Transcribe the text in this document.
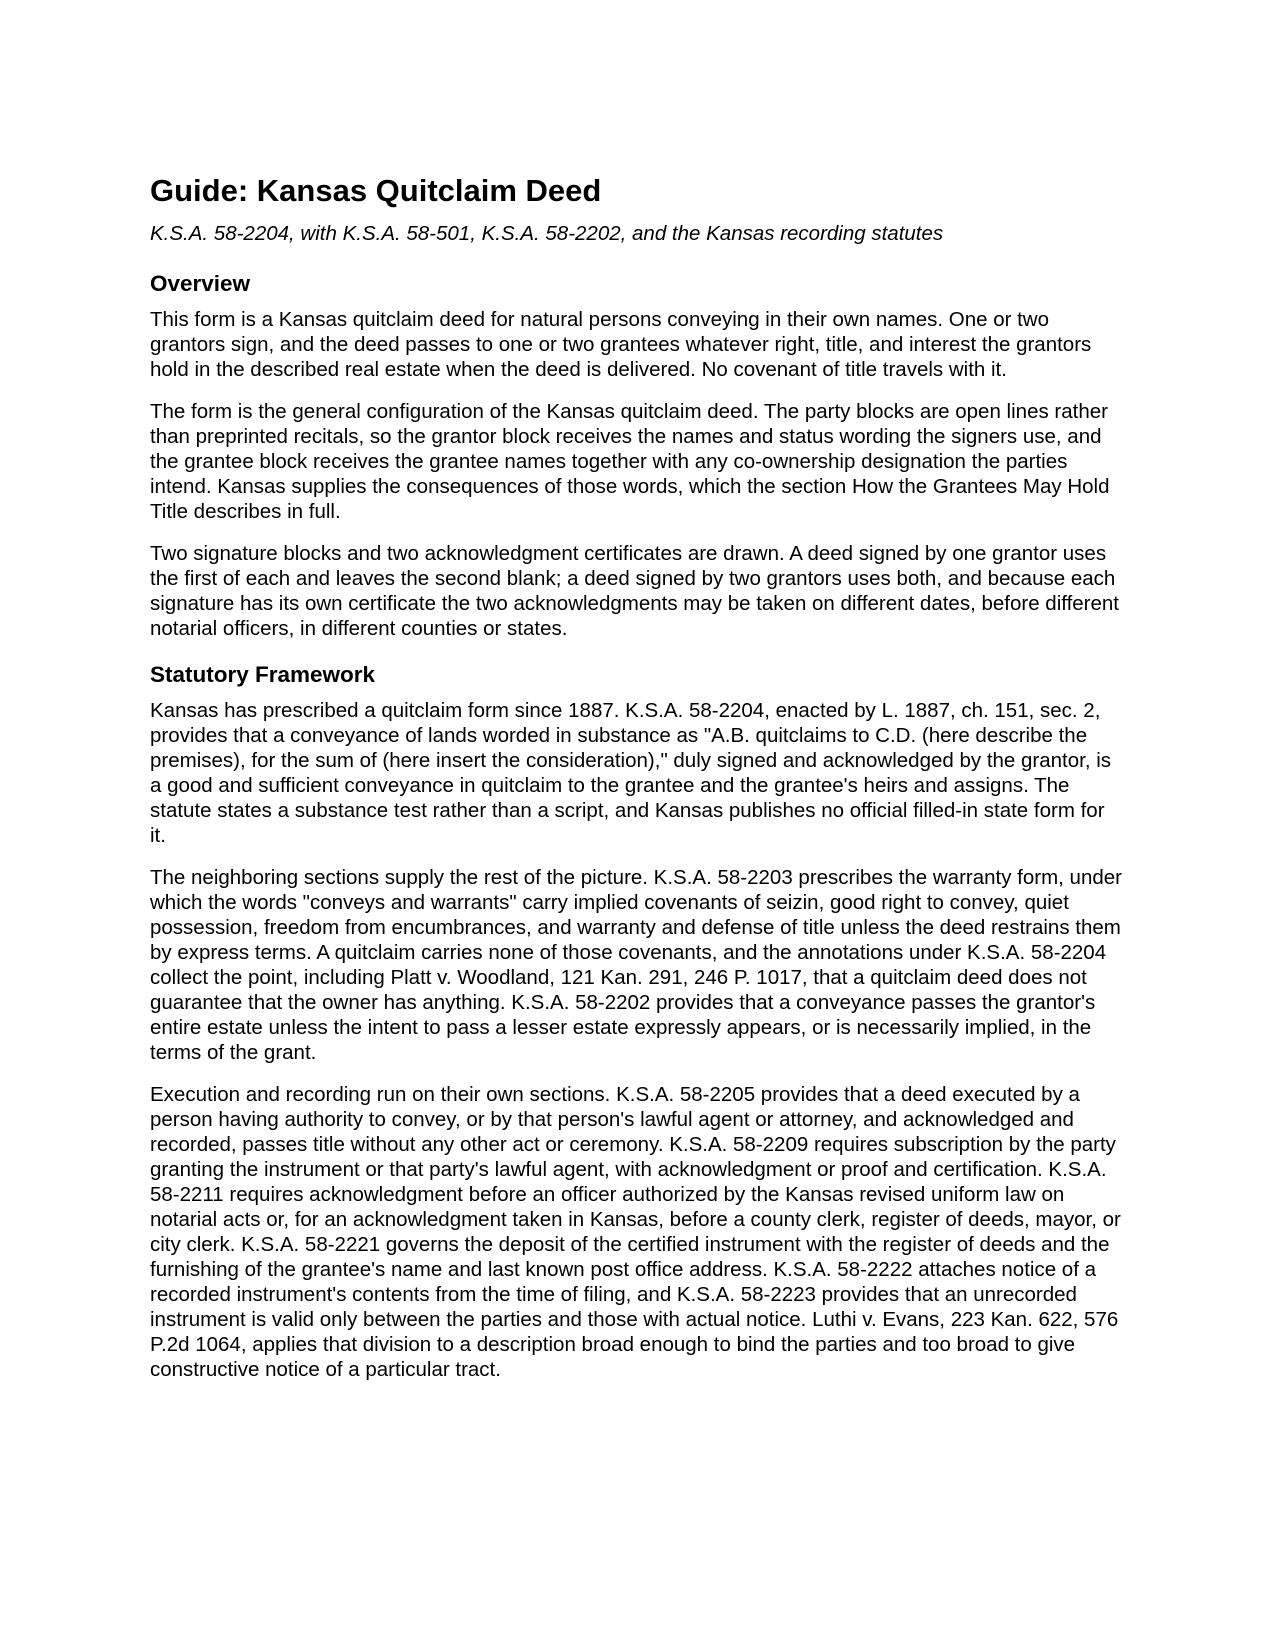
Guide: Kansas Quitclaim Deed

K.S.A. 58-2204, with K.S.A. 58-501, K.S.A. 58-2202, and the Kansas recording statutes

Overview

This form is a Kansas quitclaim deed for natural persons conveying in their own names. One or two grantors sign, and the deed passes to one or two grantees whatever right, title, and interest the grantors hold in the described real estate when the deed is delivered. No covenant of title travels with it.

The form is the general configuration of the Kansas quitclaim deed. The party blocks are open lines rather than preprinted recitals, so the grantor block receives the names and status wording the signers use, and the grantee block receives the grantee names together with any co-ownership designation the parties intend. Kansas supplies the consequences of those words, which the section How the Grantees May Hold Title describes in full.

Two signature blocks and two acknowledgment certificates are drawn. A deed signed by one grantor uses the first of each and leaves the second blank; a deed signed by two grantors uses both, and because each signature has its own certificate the two acknowledgments may be taken on different dates, before different notarial officers, in different counties or states.

Statutory Framework

Kansas has prescribed a quitclaim form since 1887. K.S.A. 58-2204, enacted by L. 1887, ch. 151, sec. 2, provides that a conveyance of lands worded in substance as "A.B. quitclaims to C.D. (here describe the premises), for the sum of (here insert the consideration)," duly signed and acknowledged by the grantor, is a good and sufficient conveyance in quitclaim to the grantee and the grantee's heirs and assigns. The statute states a substance test rather than a script, and Kansas publishes no official filled-in state form for it.

The neighboring sections supply the rest of the picture. K.S.A. 58-2203 prescribes the warranty form, under which the words "conveys and warrants" carry implied covenants of seizin, good right to convey, quiet possession, freedom from encumbrances, and warranty and defense of title unless the deed restrains them by express terms. A quitclaim carries none of those covenants, and the annotations under K.S.A. 58-2204 collect the point, including Platt v. Woodland, 121 Kan. 291, 246 P. 1017, that a quitclaim deed does not guarantee that the owner has anything. K.S.A. 58-2202 provides that a conveyance passes the grantor's entire estate unless the intent to pass a lesser estate expressly appears, or is necessarily implied, in the terms of the grant.

Execution and recording run on their own sections. K.S.A. 58-2205 provides that a deed executed by a person having authority to convey, or by that person's lawful agent or attorney, and acknowledged and recorded, passes title without any other act or ceremony. K.S.A. 58-2209 requires subscription by the party granting the instrument or that party's lawful agent, with acknowledgment or proof and certification. K.S.A. 58-2211 requires acknowledgment before an officer authorized by the Kansas revised uniform law on notarial acts or, for an acknowledgment taken in Kansas, before a county clerk, register of deeds, mayor, or city clerk. K.S.A. 58-2221 governs the deposit of the certified instrument with the register of deeds and the furnishing of the grantee's name and last known post office address. K.S.A. 58-2222 attaches notice of a recorded instrument's contents from the time of filing, and K.S.A. 58-2223 provides that an unrecorded instrument is valid only between the parties and those with actual notice. Luthi v. Evans, 223 Kan. 622, 576 P.2d 1064, applies that division to a description broad enough to bind the parties and too broad to give constructive notice of a particular tract.
